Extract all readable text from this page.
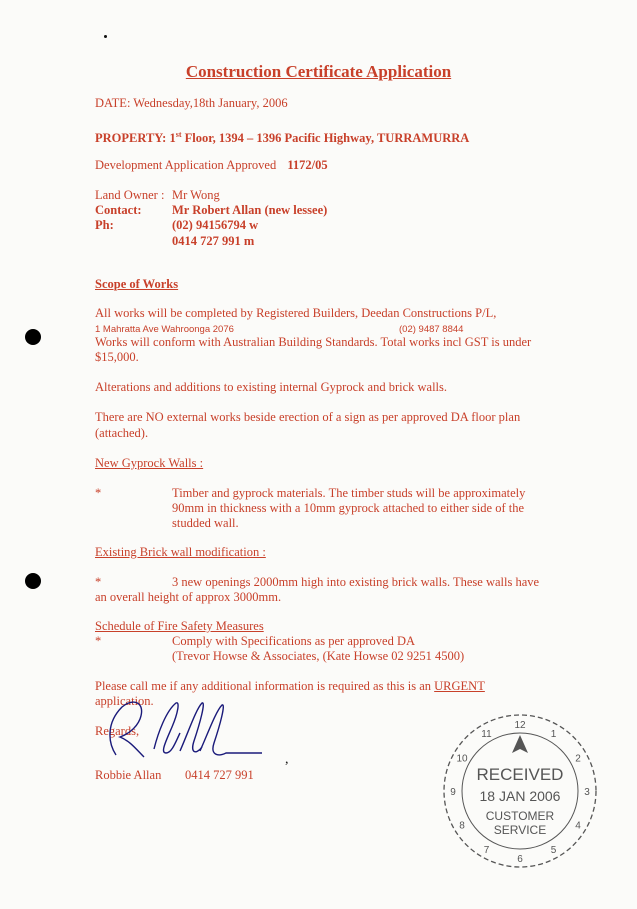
Construction Certificate Application
DATE: Wednesday,18th January, 2006
PROPERTY: 1st Floor, 1394 – 1396 Pacific Highway, TURRAMURRA
Development Application Approved 1172/05
Land Owner : Mr Wong
Contact: Mr Robert Allan (new lessee)
Ph:	(02) 94156794 w
0414 727 991 m
Scope of Works
All works will be completed by Registered Builders, Deedan Constructions P/L,
1 Mahratta Ave Wahroonga 2076	(02) 9487 8844
Works will conform with Australian Building Standards. Total works incl GST is under
$15,000.
Alterations and additions to existing internal Gyprock and brick walls.
There are NO external works beside erection of a sign as per approved DA floor plan
(attached).
New Gyprock Walls :
*	Timber and gyprock materials. The timber studs will be approximately
90mm in thickness with a 10mm gyprock attached to either side of the
studded wall.
Existing Brick wall modification :
*	3 new openings 2000mm high into existing brick walls. These walls have
an overall height of approx 3000mm.
Schedule of Fire Safety Measures
*	Comply with Specifications as per approved DA
(Trevor Howse & Associates, (Kate Howse 02 9251 4500)
Please call me if any additional information is required as this is an URGENT
application.
Regards,
Robbie Allan 0414 727 991
,
12
1
2
3
4
5
6
7
8
9
10
11
RECEIVED
18 JAN 2006
CUSTOMER
SERVICE
